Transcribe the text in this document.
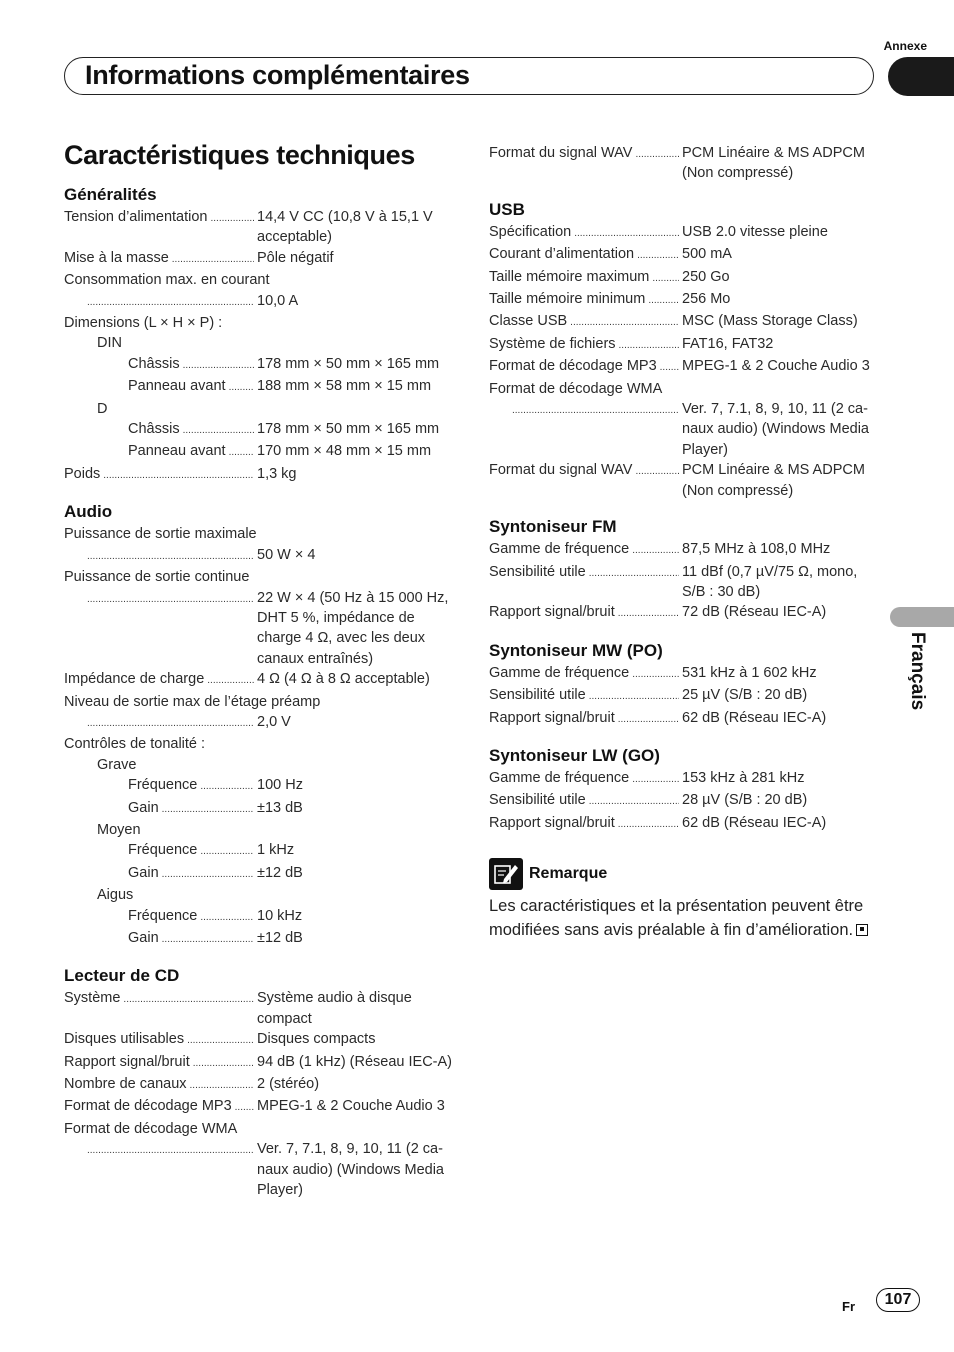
Annexe
Informations complémentaires
Français
Caractéristiques techniques
Généralités
Tension d’alimentation .....	14,4 V CC (10,8 V à 15,1 V acceptable)
Mise à la masse .....	Pôle négatif
Consommation max. en courant
.....
10,0 A
Dimensions (L × H × P) :
DIN
Châssis .....	178 mm × 50 mm × 165 mm
Panneau avant ..... 188 mm × 58 mm × 15 mm
D
Châssis .....	178 mm × 50 mm × 165 mm
Panneau avant ..... 170 mm × 48 mm × 15 mm
Poids .....	1,3 kg
Audio
Puissance de sortie maximale
.....
50 W × 4
Puissance de sortie continue
.....
22 W × 4 (50 Hz à 15 000 Hz, DHT 5 %, impédance de charge 4 Ω, avec les deux canaux entraînés)
Impédance de charge .....	4 Ω (4 Ω à 8 Ω acceptable)
Niveau de sortie max de l’étage préamp
.....
2,0 V
Contrôles de tonalité :
Grave
Fréquence .....	100 Hz
Gain .....	±13 dB
Moyen
Fréquence .....	1 kHz
Gain .....	±12 dB
Aigus
Fréquence .....	10 kHz
Gain .....	±12 dB
Lecteur de CD
Système .....	Système audio à disque compact
Disques utilisables .....	Disques compacts
Rapport signal/bruit .....	94 dB (1 kHz) (Réseau IEC-A)
Nombre de canaux .....	2 (stéréo)
Format de décodage MP3 ..... MPEG-1 & 2 Couche Audio 3
Format de décodage WMA
.....
Ver. 7, 7.1, 8, 9, 10, 11 (2 ca-naux audio) (Windows Media Player)
Format du signal WAV .....	PCM Linéaire & MS ADPCM (Non compressé)
USB
Spécification .....	USB 2.0 vitesse pleine
Courant d’alimentation .....	500 mA
Taille mémoire maximum ..... 250 Go
Taille mémoire minimum .....	256 Mo
Classe USB .....	MSC (Mass Storage Class)
Système de fichiers .....	FAT16, FAT32
Format de décodage MP3 ..... MPEG-1 & 2 Couche Audio 3
Format de décodage WMA
.....
Ver. 7, 7.1, 8, 9, 10, 11 (2 ca-naux audio) (Windows Media Player)
Format du signal WAV .....	PCM Linéaire & MS ADPCM (Non compressé)
Syntoniseur FM
Gamme de fréquence .....	87,5 MHz à 108,0 MHz
Sensibilité utile .....	11 dBf (0,7 µV/75 Ω, mono, S/B : 30 dB)
Rapport signal/bruit .....	72 dB (Réseau IEC-A)
Syntoniseur MW (PO)
Gamme de fréquence .....	531 kHz à 1 602 kHz
Sensibilité utile .....	25 µV (S/B : 20 dB)
Rapport signal/bruit .....	62 dB (Réseau IEC-A)
Syntoniseur LW (GO)
Gamme de fréquence .....	153 kHz à 281 kHz
Sensibilité utile .....	28 µV (S/B : 20 dB)
Rapport signal/bruit .....	62 dB (Réseau IEC-A)
Remarque
Les caractéristiques et la présentation peuvent être modifiées sans avis préalable à fin d’amélioration.
Fr	107
